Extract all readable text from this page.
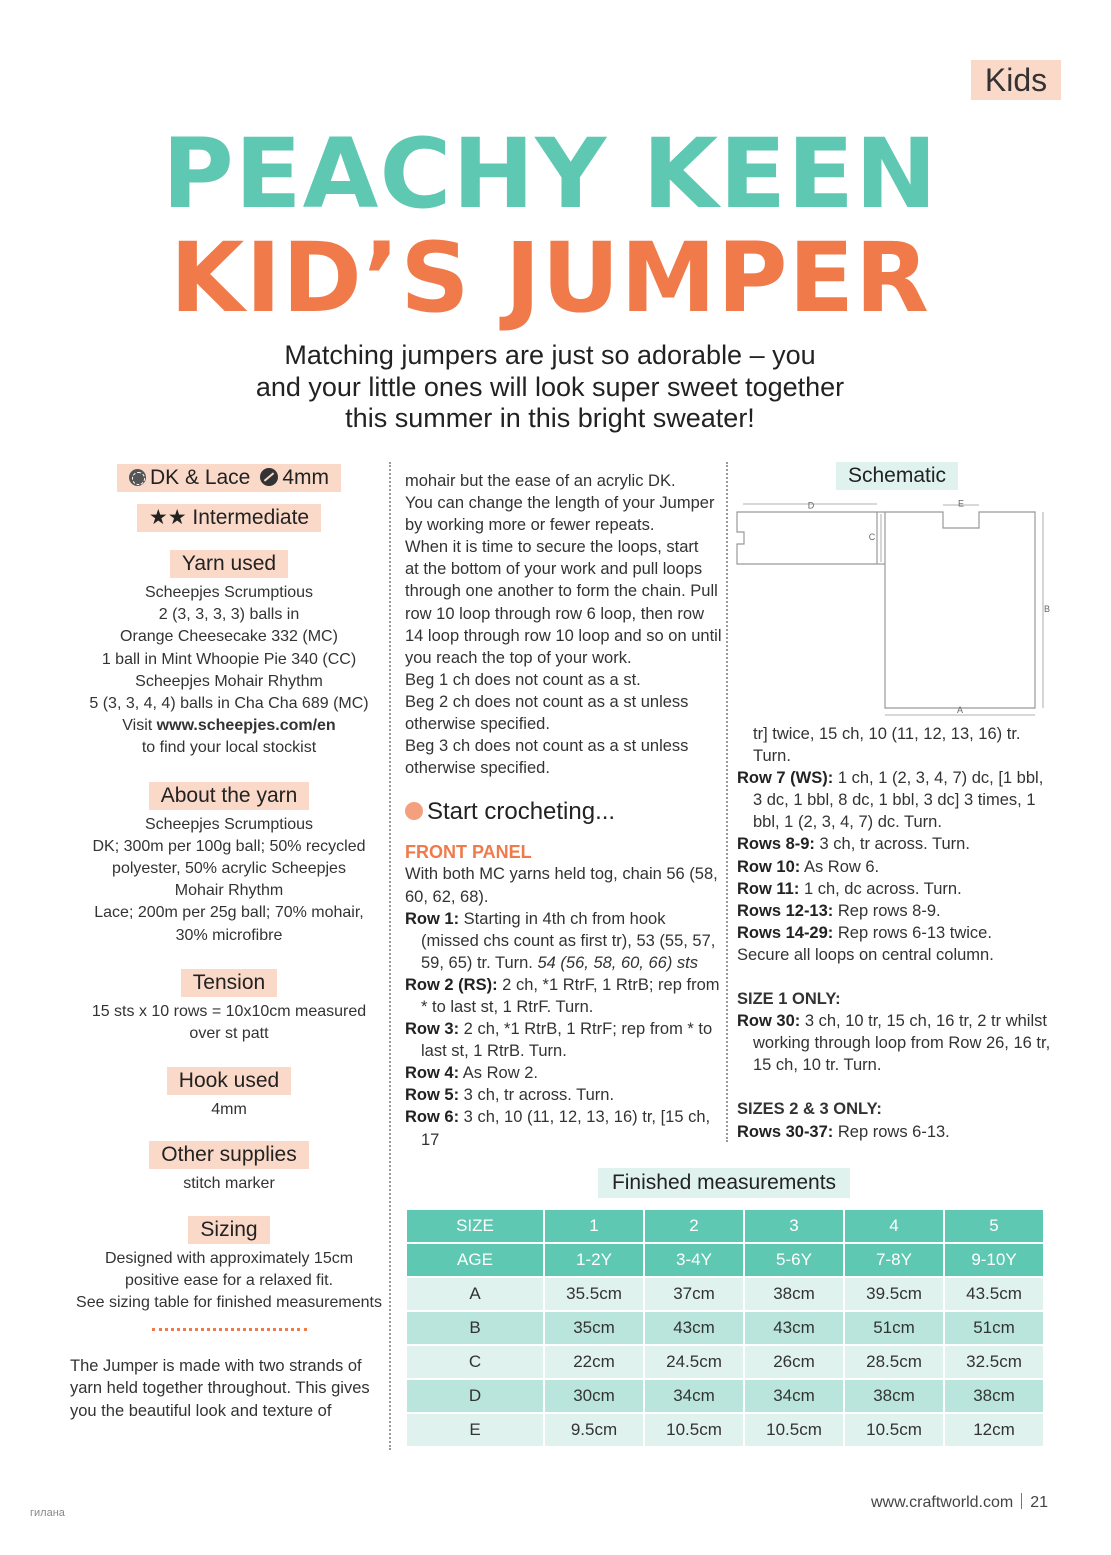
Kids
PEACHY KEEN
KID’S JUMPER
Matching jumpers are just so adorable – you
and your little ones will look super sweet together
this summer in this bright sweater!
DK & Lace 4mm
★★ Intermediate
Yarn used
Scheepjes Scrumptious
2 (3, 3, 3, 3) balls in
Orange Cheesecake 332 (MC)
1 ball in Mint Whoopie Pie 340 (CC)
Scheepjes Mohair Rhythm
5 (3, 3, 4, 4) balls in Cha Cha 689 (MC)
Visit www.scheepjes.com/en
to find your local stockist
About the yarn
Scheepjes Scrumptious
DK; 300m per 100g ball; 50% recycled
polyester, 50% acrylic Scheepjes
Mohair Rhythm
Lace; 200m per 25g ball; 70% mohair,
30% microfibre
Tension
15 sts x 10 rows = 10x10cm measured
over st patt
Hook used
4mm
Other supplies
stitch marker
Sizing
Designed with approximately 15cm
positive ease for a relaxed fit.
See sizing table for finished measurements
The Jumper is made with two strands of
yarn held together throughout. This gives
you the beautiful look and texture of

mohair but the ease of an acrylic DK.

You can change the length of your Jumper

by working more or fewer repeats.

When it is time to secure the loops, start

at the bottom of your work and pull loops

through one another to form the chain. Pull

row 10 loop through row 6 loop, then row

14 loop through row 10 loop and so on until

you reach the top of your work.

Beg 1 ch does not count as a st.

Beg 2 ch does not count as a st unless

otherwise specified.

Beg 3 ch does not count as a st unless

otherwise specified.

Start crocheting...
FRONT PANEL
With both MC yarns held tog, chain 56 (58, 60, 62, 68).
Row 1: Starting in 4th ch from hook (missed chs count as first tr), 53 (55, 57, 59, 65) tr. Turn. 54 (56, 58, 60, 66) sts
Row 2 (RS): 2 ch, *1 RtrF, 1 RtrB; rep from * to last st, 1 RtrF. Turn.
Row 3: 2 ch, *1 RtrB, 1 RtrF; rep from * to last st, 1 RtrB. Turn.
Row 4: As Row 2.
Row 5: 3 ch, tr across. Turn.
Row 6: 3 ch, 10 (11, 12, 13, 16) tr, [15 ch, 17
Schematic
D	E
C
B
A
tr] twice, 15 ch, 10 (11, 12, 13, 16) tr. Turn.
Row 7 (WS): 1 ch, 1 (2, 3, 4, 7) dc, [1 bbl, 3 dc, 1 bbl, 8 dc, 1 bbl, 3 dc] 3 times, 1 bbl, 1 (2, 3, 4, 7) dc. Turn.
Rows 8-9: 3 ch, tr across. Turn.
Row 10: As Row 6.
Row 11: 1 ch, dc across. Turn.
Rows 12-13: Rep rows 8-9.
Rows 14-29: Rep rows 6-13 twice.
Secure all loops on central column.
SIZE 1 ONLY:
Row 30: 3 ch, 10 tr, 15 ch, 16 tr, 2 tr whilst working through loop from Row 26, 16 tr, 15 ch, 10 tr. Turn.
SIZES 2 & 3 ONLY:
Rows 30-37: Rep rows 6-13.
Finished measurements
SIZE	1	2	3	4	5
AGE	1-2Y	3-4Y	5-6Y	7-8Y	9-10Y
A	35.5cm	37cm	38cm	39.5cm	43.5cm
B	35cm	43cm	43cm	51cm	51cm
C	22cm	24.5cm	26cm	28.5cm	32.5cm
D	30cm	34cm	34cm	38cm	38cm
E	9.5cm	10.5cm	10.5cm	10.5cm	12cm
www.craftworld.com 21
гилана
